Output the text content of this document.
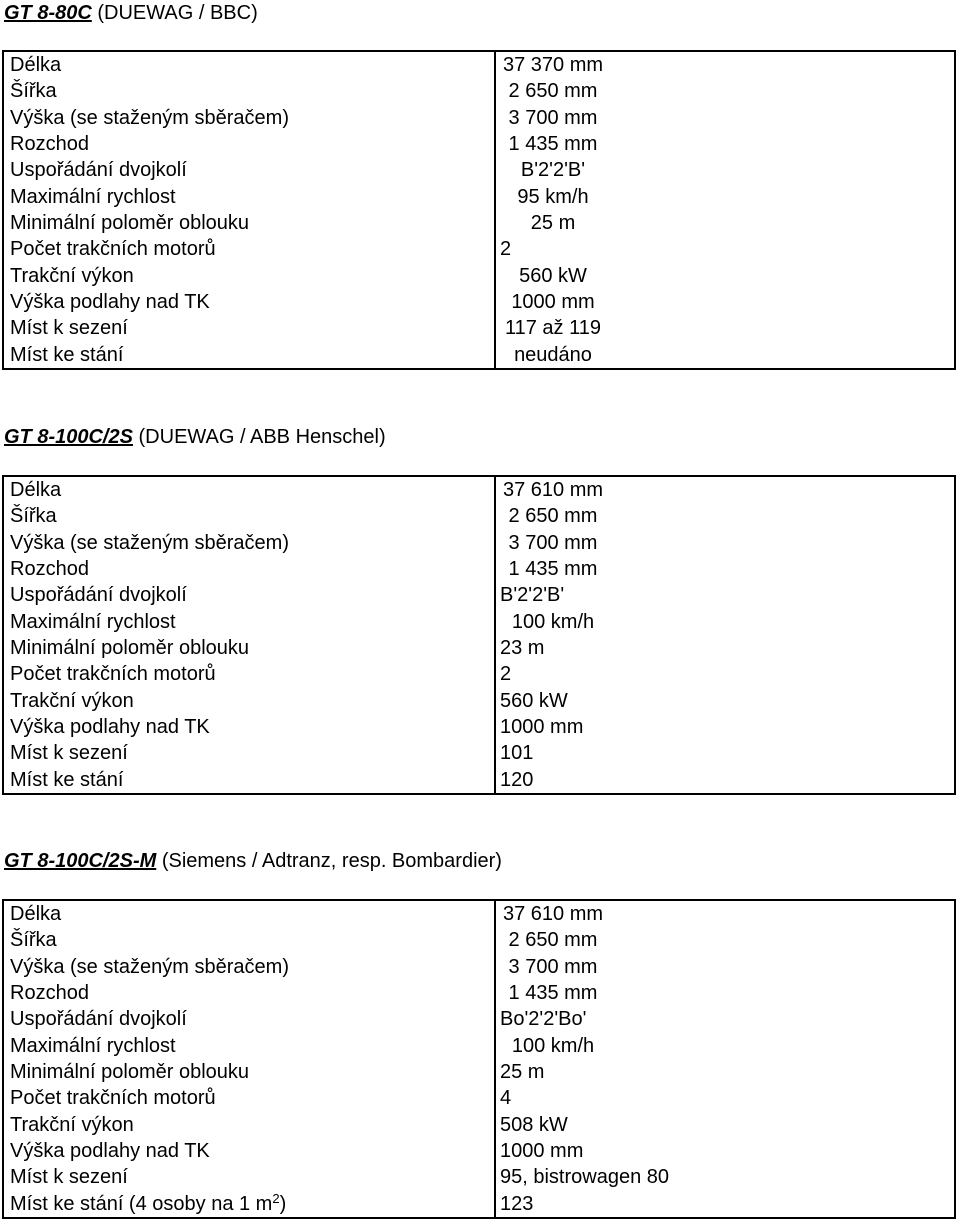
GT 8-80C (DUEWAG / BBC)
Délka	37 370 mm
Šířka	2 650 mm
Výška (se staženým sběračem)	3 700 mm
Rozchod	1 435 mm
Uspořádání dvojkolí	B'2'2'B'
Maximální rychlost	95 km/h
Minimální poloměr oblouku	25 m
Počet trakčních motorů	2
Trakční výkon	560 kW
Výška podlahy nad TK	1000 mm
Míst k sezení	117 až 119
Míst ke stání	neudáno
GT 8-100C/2S (DUEWAG / ABB Henschel)
Délka	37 610 mm
Šířka	2 650 mm
Výška (se staženým sběračem)	3 700 mm
Rozchod	1 435 mm
Uspořádání dvojkolí	B'2'2'B'
Maximální rychlost	100 km/h
Minimální poloměr oblouku	23 m
Počet trakčních motorů	2
Trakční výkon	560 kW
Výška podlahy nad TK	1000 mm
Míst k sezení	101
Míst ke stání	120
GT 8-100C/2S-M (Siemens / Adtranz, resp. Bombardier)
Délka	37 610 mm
Šířka	2 650 mm
Výška (se staženým sběračem)	3 700 mm
Rozchod	1 435 mm
Uspořádání dvojkolí	Bo'2'2'Bo'
Maximální rychlost	100 km/h
Minimální poloměr oblouku	25 m
Počet trakčních motorů	4
Trakční výkon	508 kW
Výška podlahy nad TK	1000 mm
Míst k sezení	95, bistrowagen 80
Míst ke stání (4 osoby na 1 $m^2$)	123
